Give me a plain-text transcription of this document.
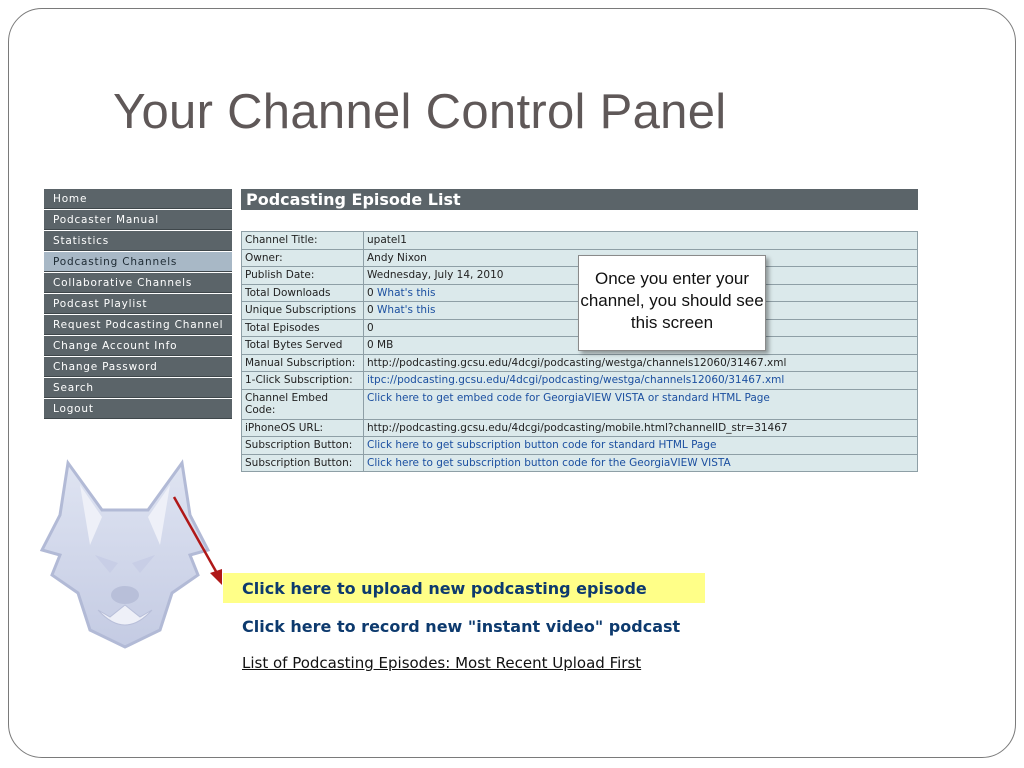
Your Channel Control Panel
Home
Podcaster Manual
Statistics
Podcasting Channels
Collaborative Channels
Podcast Playlist
Request Podcasting Channel
Change Account Info
Change Password
Search
Logout
Podcasting Episode List
Channel Title:	upatel1
Owner:	Andy Nixon
Publish Date:	Wednesday, July 14, 2010
Total Downloads	0 What's this
Unique Subscriptions	0 What's this
Total Episodes	0
Total Bytes Served	0 MB
Manual Subscription:	http://podcasting.gcsu.edu/4dcgi/podcasting/westga/channels12060/31467.xml
1-Click Subscription:	itpc://podcasting.gcsu.edu/4dcgi/podcasting/westga/channels12060/31467.xml
Channel Embed Code:	Click here to get embed code for GeorgiaVIEW VISTA or standard HTML Page
iPhoneOS URL:	http://podcasting.gcsu.edu/4dcgi/podcasting/mobile.html?channelID_str=31467
Subscription Button:	Click here to get subscription button code for standard HTML Page
Subscription Button:	Click here to get subscription button code for the GeorgiaVIEW VISTA
Once you enter your channel, you should see this screen
Click here to upload new podcasting episode
Click here to record new "instant video" podcast
List of Podcasting Episodes: Most Recent Upload First
